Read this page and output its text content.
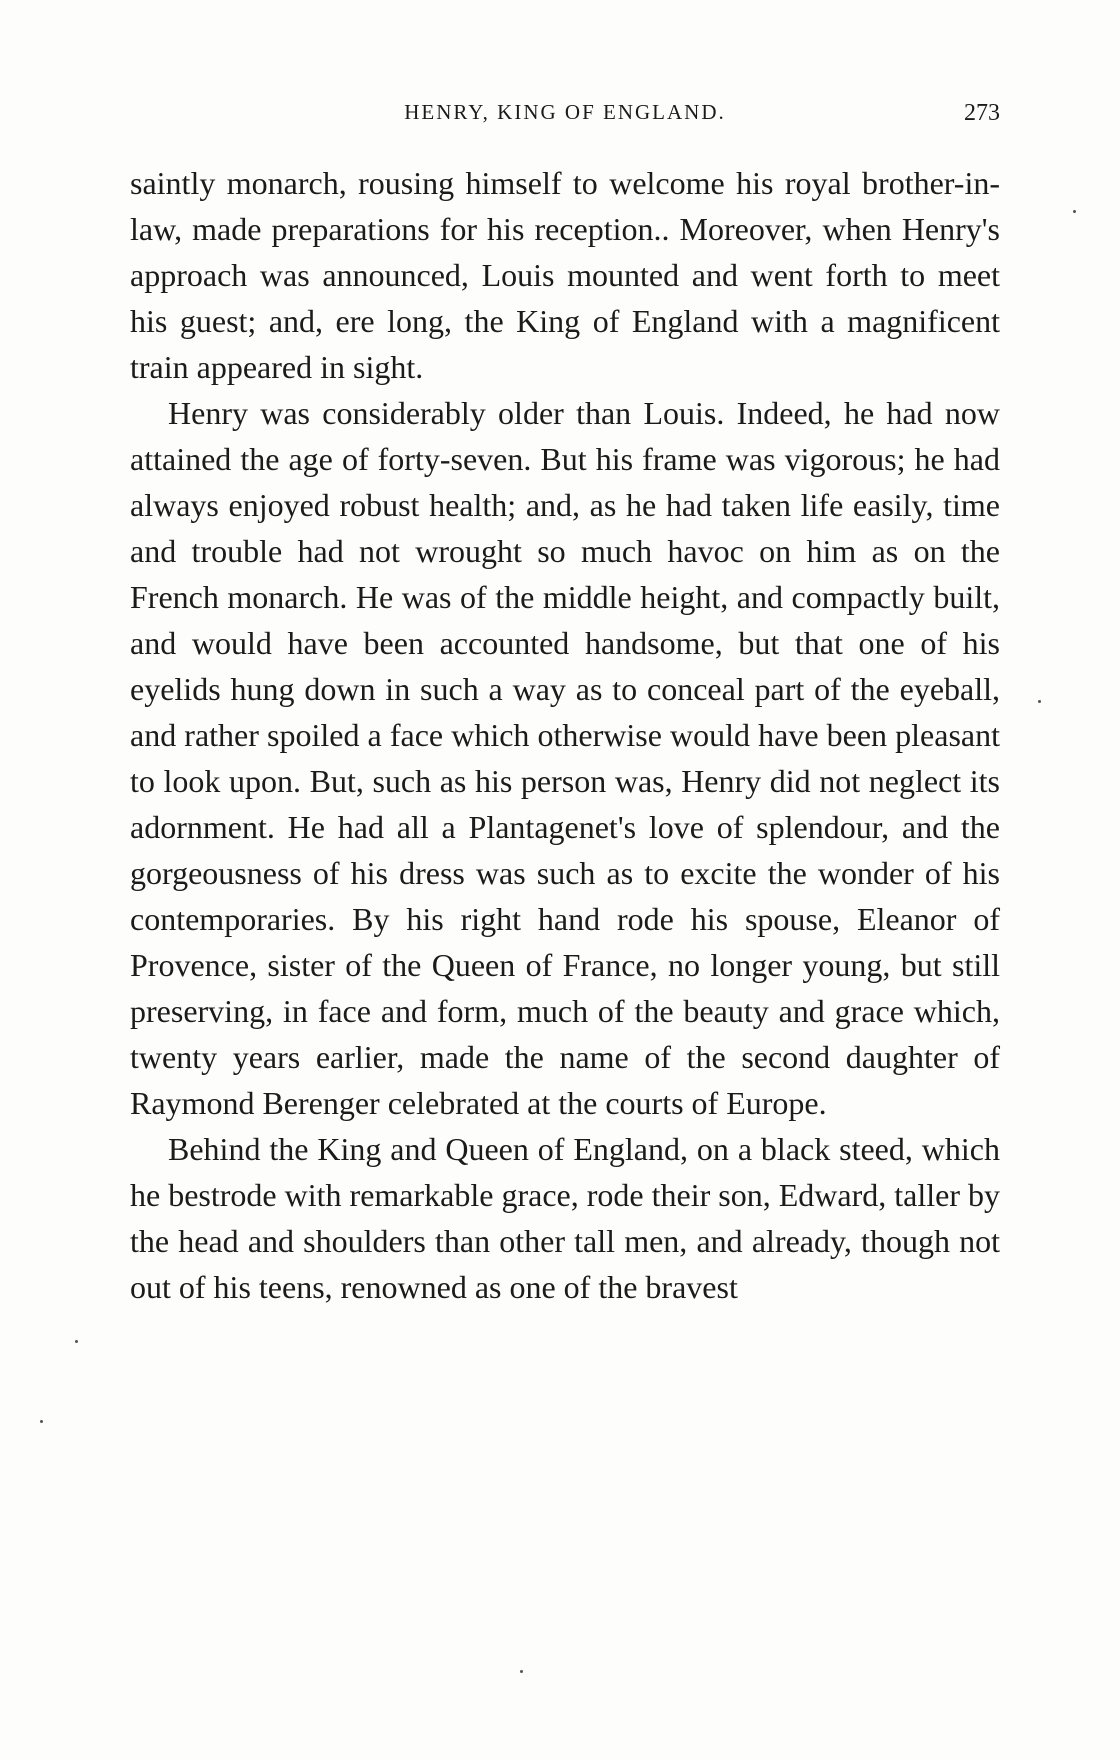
HENRY, KING OF ENGLAND.	273

saintly monarch, rousing himself to welcome his royal brother-in-law, made preparations for his reception.. Moreover, when Henry's approach was announced, Louis mounted and went forth to meet his guest; and, ere long, the King of England with a magnificent train appeared in sight.

Henry was considerably older than Louis. Indeed, he had now attained the age of forty-seven. But his frame was vigorous; he had always enjoyed robust health; and, as he had taken life easily, time and trouble had not wrought so much havoc on him as on the French monarch. He was of the middle height, and compactly built, and would have been accounted handsome, but that one of his eyelids hung down in such a way as to conceal part of the eyeball, and rather spoiled a face which otherwise would have been pleasant to look upon. But, such as his person was, Henry did not neglect its adornment. He had all a Plantagenet's love of splendour, and the gorgeousness of his dress was such as to excite the wonder of his contemporaries. By his right hand rode his spouse, Eleanor of Provence, sister of the Queen of France, no longer young, but still preserving, in face and form, much of the beauty and grace which, twenty years earlier, made the name of the second daughter of Raymond Berenger celebrated at the courts of Europe.

Behind the King and Queen of England, on a black steed, which he bestrode with remarkable grace, rode their son, Edward, taller by the head and shoulders than other tall men, and already, though not out of his teens, renowned as one of the bravest
